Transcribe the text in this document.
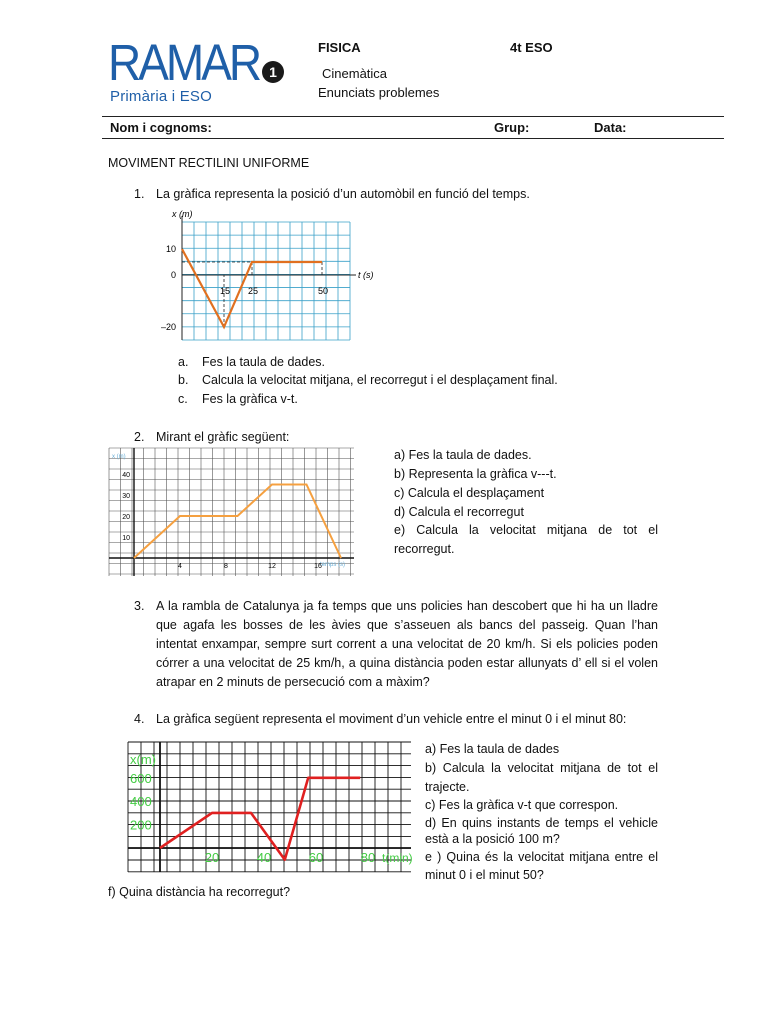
RAMAR 1
Primària i ESO
FISICA	4t ESO
Cinemàtica
Enunciats problemes
Nom i cognoms:	Grup:	Data:
MOVIMENT RECTILINI UNIFORME
1. La gràfica representa la posició d’un automòbil en funció del temps.
x (m)
t (s)
10
0
–20
15 25	50
a. Fes la taula de dades.
b. Calcula la velocitat mitjana, el recorregut i el desplaçament final.
c. Fes la gràfica v-t.
2. Mirant el gràfic següent:
x (m)
temps (s)
10
20
30
40
4	8	12	16
a) Fes la taula de dades.
b) Representa la gràfica v---t.
c) Calcula el desplaçament
d) Calcula el recorregut
e) Calcula la velocitat mitjana de tot el recorregut.
3. A la rambla de Catalunya ja fa temps que uns policies han descobert que hi ha un lladre que agafa les bosses de les àvies que s’asseuen als bancs del passeig. Quan l’han intentat enxampar, sempre surt corrent a una velocitat de 20 km/h. Si els policies poden córrer a una velocitat de 25 km/h, a quina distància poden estar allunyats d’ ell si el volen atrapar en 2 minuts de persecució com a màxim?
4. La gràfica següent representa el moviment d’un vehicle entre el minut 0 i el minut 80:
x(m)
t(min)
200
400
600
20	40	60	80
a) Fes la taula de dades
b) Calcula la velocitat mitjana de tot el trajecte.
c) Fes la gràfica v-t que correspon.
d) En quins instants de temps el vehicle està a la posició 100 m?
e ) Quina és la velocitat mitjana entre el minut 0 i el minut 50?
f) Quina distància ha recorregut?
